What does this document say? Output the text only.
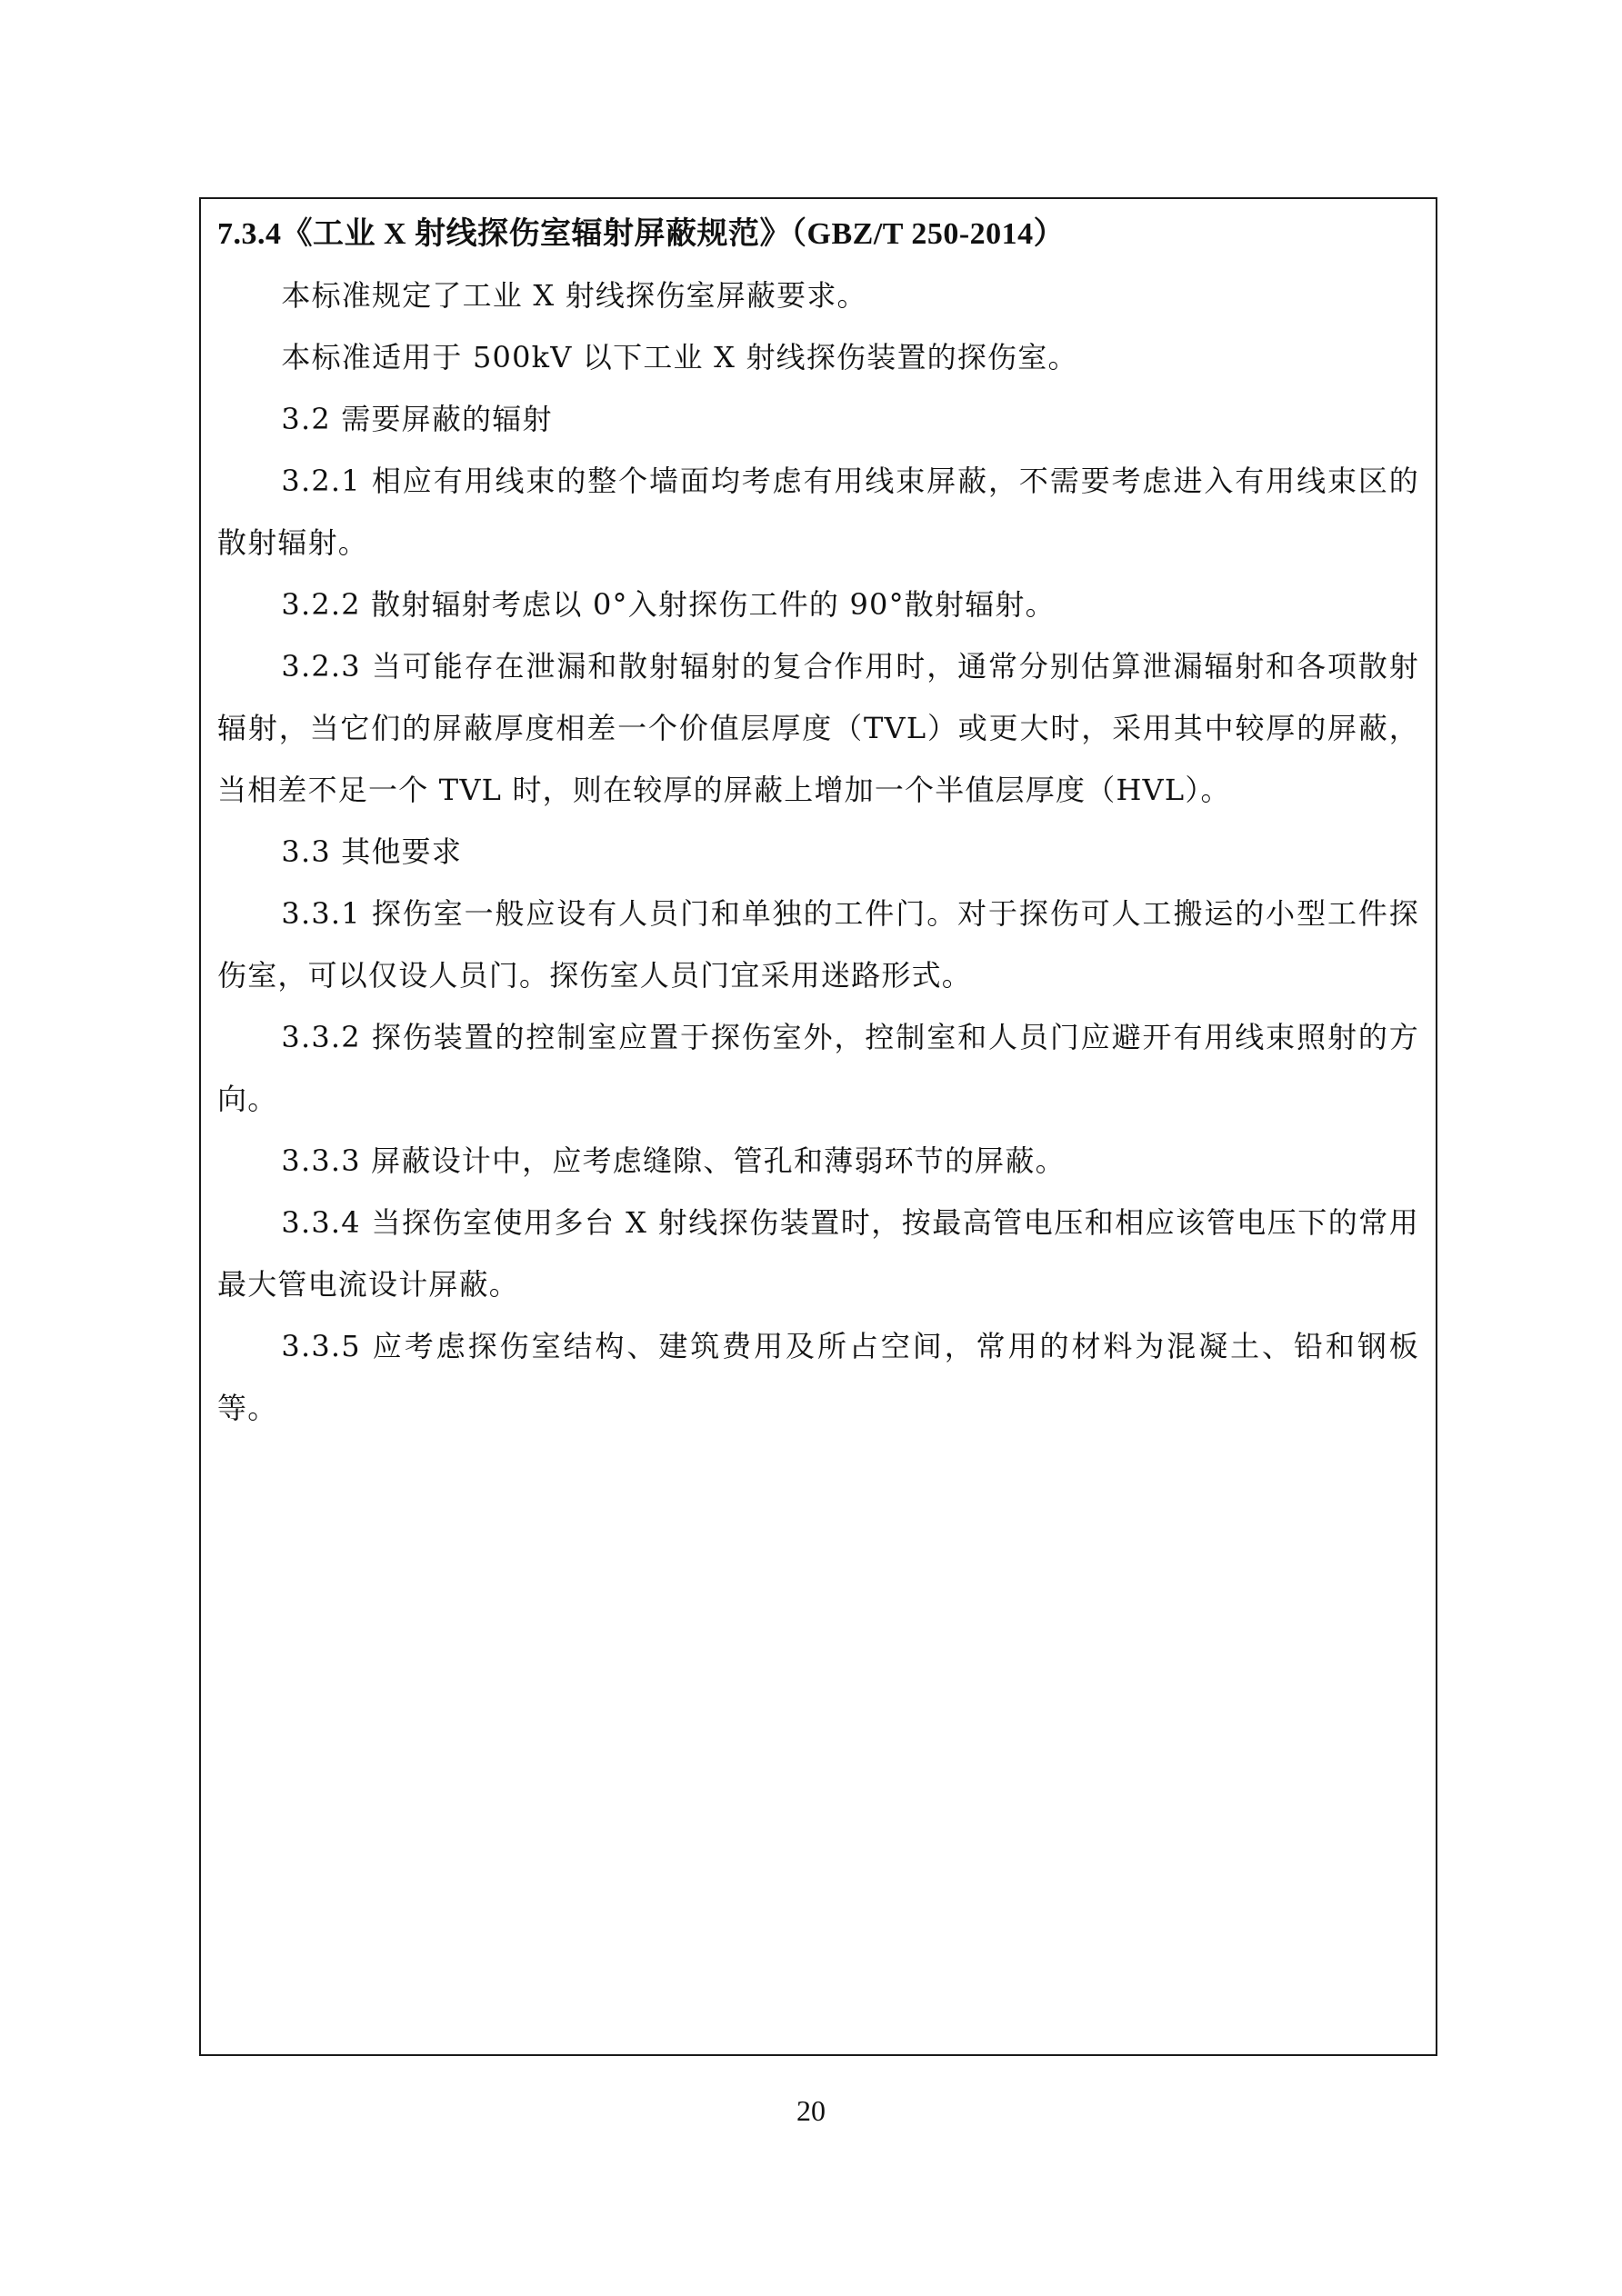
7.3.4《工业 X 射线探伤室辐射屏蔽规范》（GBZ/T 250-2014）

本标准规定了工业 X 射线探伤室屏蔽要求。

本标准适用于 500kV 以下工业 X 射线探伤装置的探伤室。

3.2 需要屏蔽的辐射

3.2.1 相应有用线束的整个墙面均考虑有用线束屏蔽，不需要考虑进入有用线束区的散射辐射。

3.2.2 散射辐射考虑以 0°入射探伤工件的 90°散射辐射。

3.2.3 当可能存在泄漏和散射辐射的复合作用时，通常分别估算泄漏辐射和各项散射辐射，当它们的屏蔽厚度相差一个价值层厚度（TVL）或更大时，采用其中较厚的屏蔽，当相差不足一个 TVL 时，则在较厚的屏蔽上增加一个半值层厚度（HVL）。

3.3 其他要求

3.3.1 探伤室一般应设有人员门和单独的工件门。对于探伤可人工搬运的小型工件探伤室，可以仅设人员门。探伤室人员门宜采用迷路形式。

3.3.2 探伤装置的控制室应置于探伤室外，控制室和人员门应避开有用线束照射的方向。

3.3.3 屏蔽设计中，应考虑缝隙、管孔和薄弱环节的屏蔽。

3.3.4 当探伤室使用多台 X 射线探伤装置时，按最高管电压和相应该管电压下的常用最大管电流设计屏蔽。

3.3.5 应考虑探伤室结构、建筑费用及所占空间，常用的材料为混凝土、铅和钢板等。

20
